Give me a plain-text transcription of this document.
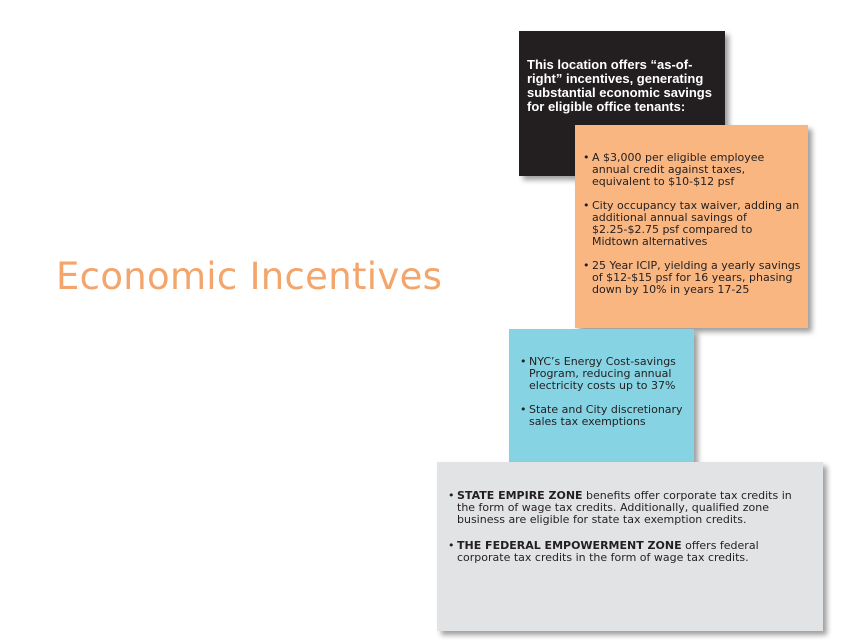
Economic Incentives
This location offers “as-of-right” incentives, generating substantial economic savings for eligible office tenants:
• A $3,000 per eligible employee annual credit against taxes, equivalent to $10-$12 psf
• City occupancy tax waiver, adding an additional annual savings of $2.25-$2.75 psf compared to Midtown alternatives
• 25 Year ICIP, yielding a yearly savings of $12-$15 psf for 16 years, phasing down by 10% in years 17-25
• NYC’s Energy Cost-savings Program, reducing annual electricity costs up to 37%
• State and City discretionary sales tax exemptions
• STATE EMPIRE ZONE benefits offer corporate tax credits in the form of wage tax credits. Additionally, qualified zone business are eligible for state tax exemption credits.
• THE FEDERAL EMPOWERMENT ZONE offers federal corporate tax credits in the form of wage tax credits.
